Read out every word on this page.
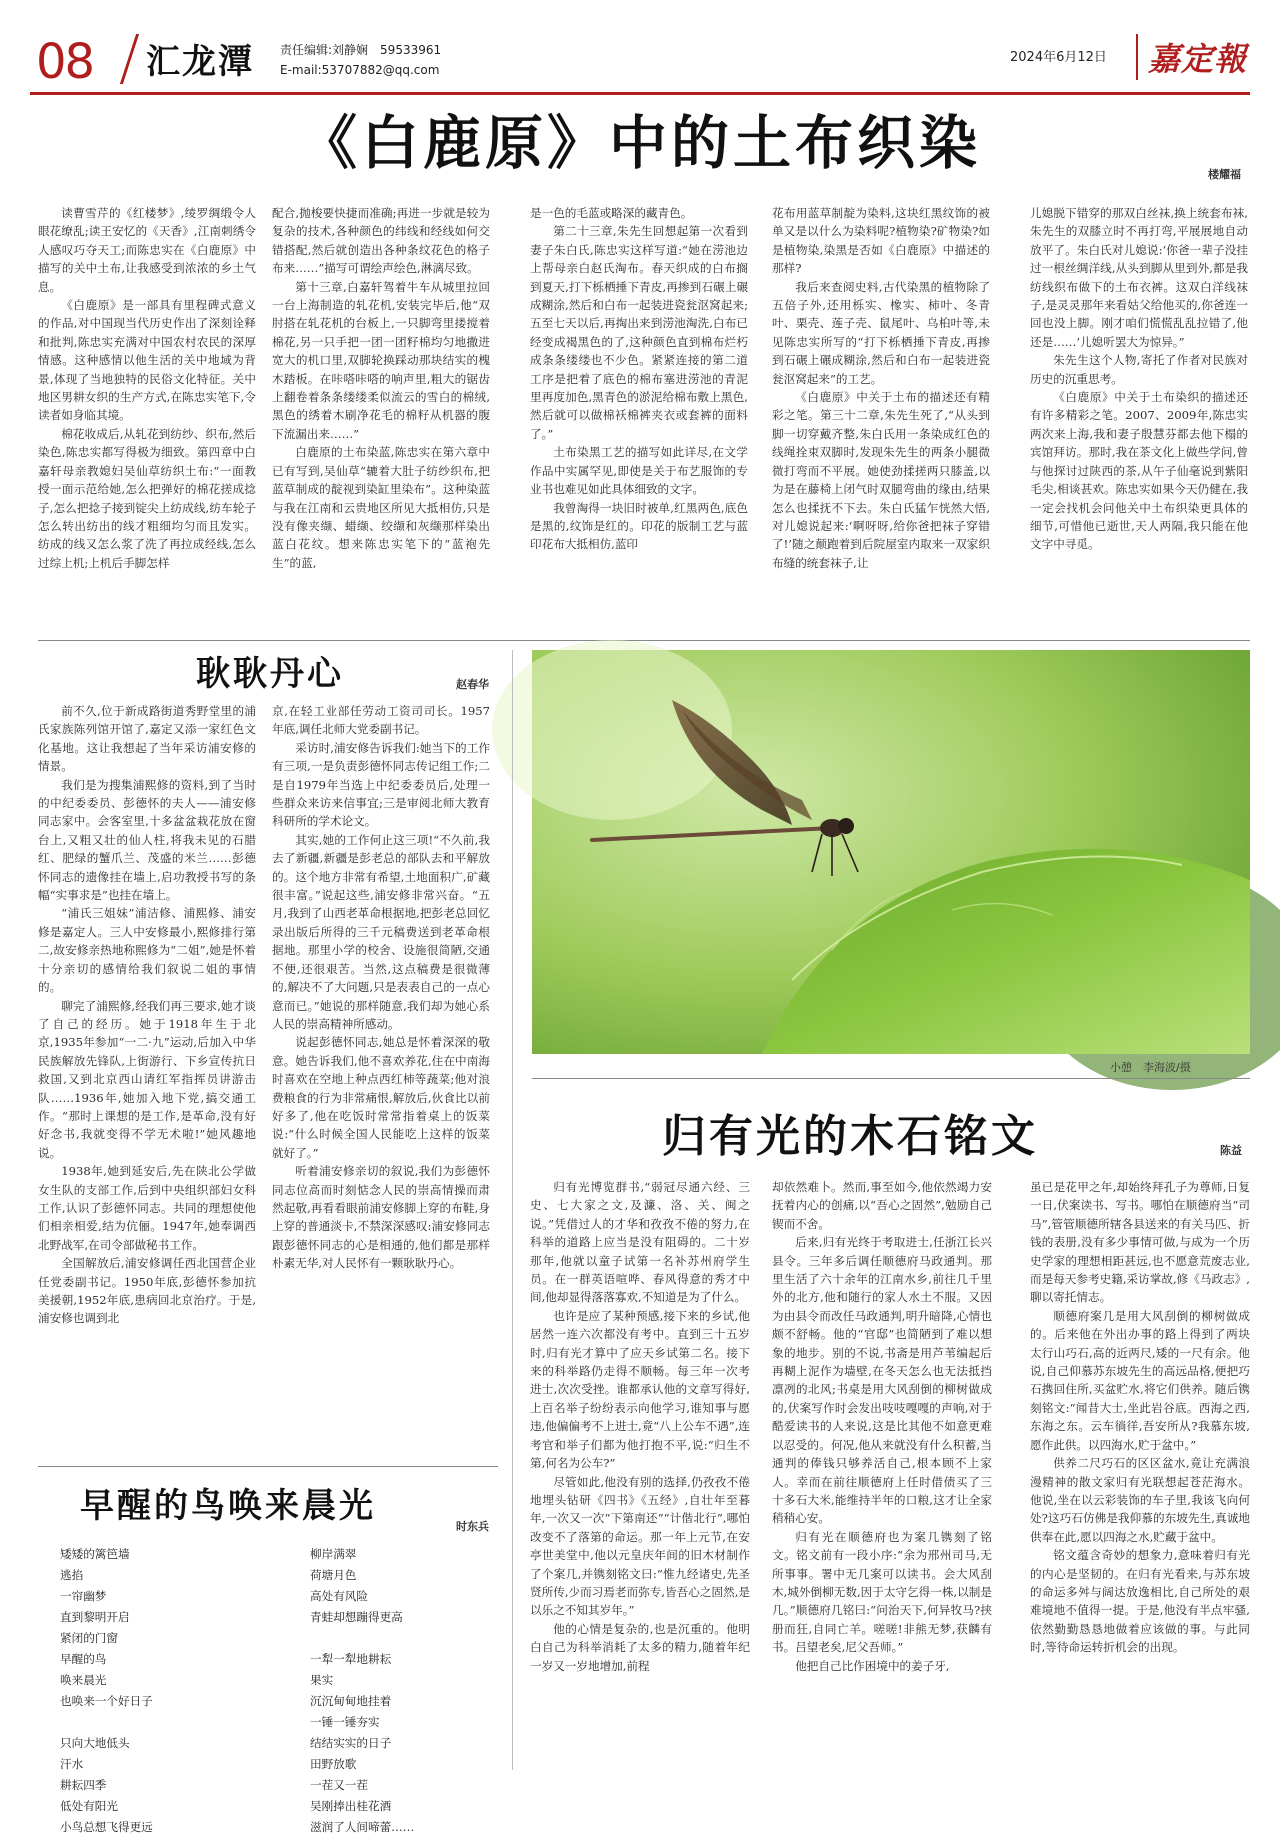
08 汇龙潭 责任编辑:刘静娴　59533961
E-mail:53707882@qq.com
2024年6月12日 嘉定報
《白鹿原》中的土布织染	楼耀福

读曹雪芹的《红楼梦》,绫罗绸缎令人眼花缭乱;读王安忆的《天香》,江南刺绣令人感叹巧夺天工;而陈忠实在《白鹿原》中描写的关中土布,让我感受到浓浓的乡土气息。

《白鹿原》是一部具有里程碑式意义的作品,对中国现当代历史作出了深刻诠释和批判,陈忠实充满对中国农村农民的深厚情感。这种感情以他生活的关中地域为背景,体现了当地独特的民俗文化特征。关中地区男耕女织的生产方式,在陈忠实笔下,令读者如身临其境。

棉花收成后,从轧花到纺纱、织布,然后染色,陈忠实都写得极为细致。第四章中白嘉轩母亲教媳妇吴仙草纺织土布:“一面教授一面示范给她,怎么把弹好的棉花搓成捻子,怎么把捻子接到锭尖上纺成线,纺车轮子怎么转出纺出的线才粗细均匀而且发实。纺成的线又怎么浆了洗了再拉成经线,怎么过综上机;上机后手脚怎样

配合,抛梭要快捷而准确;再进一步就是较为复杂的技术,各种颜色的纬线和经线如何交错搭配,然后就创造出各种条纹花色的格子布来……”描写可谓绘声绘色,淋漓尽致。

第十三章,白嘉轩驾着牛车从城里拉回一台上海制造的轧花机,安装完毕后,他“双肘搭在轧花机的台板上,一只脚弯里搂搅着棉花,另一只手把一团一团籽棉均匀地撒进宽大的机口里,双脚轮换踩动那块结实的槐木踏板。在咔嗒咔嗒的响声里,粗大的锯齿上翻卷着条条缕缕柔似流云的雪白的棉绒,黑色的绣着木刷净花毛的棉籽从机器的腹下流漏出来……”

白鹿原的土布染蓝,陈忠实在第六章中已有写到,吴仙草“辘着大肚子纺纱织布,把蓝草制成的靛视到染缸里染布”。这种染蓝与我在江南和云贵地区所见大抵相仿,只是没有像夹缬、蜡缬、绞缬和灰缬那样染出蓝白花纹。想来陈忠实笔下的“蓝袍先生”的蓝,

是一色的毛蓝或略深的藏青色。

第二十三章,朱先生回想起第一次看到妻子朱白氏,陈忠实这样写道:“她在涝池边上帮母亲白赵氏淘布。春天织成的白布搁到夏天,打下栎栖捶下青皮,再掺到石碾上碾成糊涂,然后和白布一起装进瓷瓮沤窝起来;五至七天以后,再掏出来到涝池淘洗,白布已经变成褐黑色的了,这种颜色直到棉布烂朽成条条缕缕也不少色。紧紧连接的第二道工序是把着了底色的棉布塞进涝池的青泥里再度加色,黑青色的淤泥给棉布敷上黑色,然后就可以做棉袄棉裤夹衣或套裤的面料了。”

土布染黑工艺的描写如此详尽,在文学作品中实属罕见,即使是关于布艺服饰的专业书也难见如此具体细致的文字。

我曾淘得一块旧时被单,红黑两色,底色是黑的,纹饰是红的。印花的版制工艺与蓝印花布大抵相仿,蓝印

花布用蓝草制靛为染料,这块红黑纹饰的被单又是以什么为染料呢?植物染?矿物染?如是植物染,染黑是否如《白鹿原》中描述的那样?

我后来查阅史料,古代染黑的植物除了五倍子外,还用栎实、橡实、柿叶、冬青叶、栗壳、莲子壳、鼠尾叶、乌桕叶等,未见陈忠实所写的“打下栎栖捶下青皮,再掺到石碾上碾成糊涂,然后和白布一起装进瓷瓮沤窝起来”的工艺。

《白鹿原》中关于土布的描述还有精彩之笔。第三十二章,朱先生死了,“从头到脚一切穿戴齐整,朱白氏用一条染成红色的线绳拴束双脚时,发现朱先生的两条小腿微微打弯而不平展。她使劲揉搓两只膝盖,以为是在藤椅上闭气时双腿弯曲的缘由,结果怎么也揉抚不下去。朱白氏猛乍恍然大悟,对儿媳说起来:‘啊呀呀,给你爸把袜子穿错了!’随之颠跑着到后院屋室内取来一双家织布缝的统套袜子,让

儿媳脱下错穿的那双白丝袜,换上统套布袜,朱先生的双膝立时不再打弯,平展展地自动放平了。朱白氏对儿媳说:‘你爸一辈子没挂过一根丝绸洋线,从头到脚从里到外,都是我纺线织布做下的土布衣裤。这双白洋线袜子,是灵灵那年来看姑父给他买的,你爸连一回也没上脚。刚才咱们慌慌乱乱拉错了,他还是……’儿媳听罢大为惊异。”

朱先生这个人物,寄托了作者对民族对历史的沉重思考。

《白鹿原》中关于土布染织的描述还有许多精彩之笔。2007、2009年,陈忠实两次来上海,我和妻子殷慧芬都去他下榻的宾馆拜访。那时,我在茶文化上做些学问,曾与他探讨过陕西的茶,从午子仙毫说到紫阳毛尖,相谈甚欢。陈忠实如果今天仍健在,我一定会找机会问他关中土布织染更具体的细节,可惜他已逝世,天人两隔,我只能在他文字中寻觅。

耿耿丹心	赵春华

前不久,位于新成路街道秀野堂里的浦氏家族陈列馆开馆了,嘉定又添一家红色文化基地。这让我想起了当年采访浦安修的情景。

我们是为搜集浦熙修的资料,到了当时的中纪委委员、彭德怀的夫人——浦安修同志家中。会客室里,十多盆盆栽花放在窗台上,又粗又壮的仙人柱,将我未见的石腊红、肥绿的蟹爪兰、茂盛的米兰……彭德怀同志的遗像挂在墙上,启功教授书写的条幅“实事求是”也挂在墙上。

“浦氏三姐妹”浦洁修、浦熙修、浦安修是嘉定人。三人中安修最小,熙修排行第二,故安修亲热地称熙修为“二姐”,她是怀着十分亲切的感情给我们叙说二姐的事情的。

聊完了浦熙修,经我们再三要求,她才谈了自己的经历。她于1918年生于北京,1935年参加“一二·九”运动,后加入中华民族解放先锋队,上街游行、下乡宣传抗日救国,又到北京西山请红军指挥员讲游击队……1936年,她加入地下党,搞交通工作。“那时上课想的是工作,是革命,没有好好念书,我就变得不学无术啦!”她风趣地说。

1938年,她到延安后,先在陕北公学做女生队的支部工作,后到中央组织部妇女科工作,认识了彭德怀同志。共同的理想使他们相亲相爱,结为伉俪。1947年,她奉调西北野战军,在司令部做秘书工作。

全国解放后,浦安修调任西北国营企业任党委副书记。1950年底,彭德怀参加抗美援朝,1952年底,患病回北京治疗。于是,浦安修也调到北

京,在轻工业部任劳动工资司司长。1957年底,调任北师大党委副书记。

采访时,浦安修告诉我们:她当下的工作有三项,一是负责彭德怀同志传记组工作;二是自1979年当选上中纪委委员后,处理一些群众来访来信事宜;三是审阅北师大教育科研所的学术论文。

其实,她的工作何止这三项!“不久前,我去了新疆,新疆是彭老总的部队去和平解放的。这个地方非常有希望,土地面积广,矿藏很丰富。”说起这些,浦安修非常兴奋。“五月,我到了山西老革命根据地,把彭老总回忆录出版后所得的三千元稿费送到老革命根据地。那里小学的校舍、设施很简陋,交通不便,还很艰苦。当然,这点稿费是很微薄的,解决不了大问题,只是表表自己的一点心意而已。”她说的那样随意,我们却为她心系人民的崇高精神所感动。

说起彭德怀同志,她总是怀着深深的敬意。她告诉我们,他不喜欢养花,住在中南海时喜欢在空地上种点西红柿等蔬菜;他对浪费粮食的行为非常痛恨,解放后,伙食比以前好多了,他在吃饭时常常指着桌上的饭菜说:“什么时候全国人民能吃上这样的饭菜就好了。”

听着浦安修亲切的叙说,我们为彭德怀同志位高而时刻惦念人民的崇高情操而肃然起敬,再看看眼前浦安修脚上穿的布鞋,身上穿的普通淡卡,不禁深深感叹:浦安修同志跟彭德怀同志的心是相通的,他们都是那样朴素无华,对人民怀有一颗耿耿丹心。

小憩　李海波/摄
归有光的木石铭文	陈益

归有光博览群书,“弱冠尽通六经、三史、七大家之文,及濂、洛、关、闽之说。”凭借过人的才华和孜孜不倦的努力,在科举的道路上应当是没有阻碍的。二十岁那年,他就以童子试第一名补苏州府学生员。在一群英语喧哗、春风得意的秀才中间,他却显得落落寡欢,不知道是为了什么。

也许是应了某种预感,接下来的乡试,他居然一连六次都没有考中。直到三十五岁时,归有光才算中了应天乡试第二名。接下来的科举路仍走得不顺畅。每三年一次考进士,次次受挫。谁都承认他的文章写得好,上百名举子纷纷表示向他学习,谁知事与愿违,他偏偏考不上进士,竟“八上公车不遇”,连考官和举子们都为他打抱不平,说:“归生不第,何名为公车?”

尽管如此,他没有别的选择,仍孜孜不倦地埋头钻研《四书》《五经》,自壮年至暮年,一次又一次“下第南还”“计偕北行”,哪怕改变不了落第的命运。那一年上元节,在安亭世美堂中,他以元皇庆年间的旧木材制作了个案几,并镌刻铭文曰:“惟九经诸史,先圣贤所传,少而习焉老而弥专,皆吾心之固然,是以乐之不知其岁年。”

他的心情是复杂的,也是沉重的。他明白自己为科举消耗了太多的精力,随着年纪一岁又一岁地增加,前程

却依然难卜。然而,事至如今,他依然竭力安抚着内心的创痛,以“吾心之固然”,勉励自己锲而不舍。

后来,归有光终于考取进士,任浙江长兴县令。三年多后调任顺德府马政通判。那里生活了六十余年的江南水乡,前往几千里外的北方,他和随行的家人水土不服。又因为由县令而改任马政通判,明升暗降,心情也颇不舒畅。他的“官邸”也简陋到了难以想象的地步。别的不说,书斋是用芦苇编起后再糊上泥作为墙壁,在冬天怎么也无法抵挡凛冽的北风;书桌是用大风刮倒的柳树做成的,伏案写作时会发出吱吱嘎嘎的声响,对于酷爱读书的人来说,这是比其他不如意更难以忍受的。何况,他从来就没有什么积蓄,当通判的俸钱只够养活自己,根本顾不上家人。幸而在前往顺德府上任时借债买了三十多石大米,能维持半年的口粮,这才让全家稍稍心安。

归有光在顺德府也为案几镌刻了铭文。铭文前有一段小序:“余为邢州司马,无所事事。署中无几案可以读书。会大风刮木,城外倒柳无数,因于太守乞得一株,以制是几。”顺德府几铭曰:“问治天下,何异牧马?挟册而狂,自同亡羊。嗟嗟!非熊无梦,获麟有书。吕望老矣,尼父吾师。”

他把自己比作困境中的姜子牙,

虽已是花甲之年,却始终拜孔子为尊师,日复一日,伏案读书、写书。哪怕在顺德府当“司马”,管管顺德所辖各县送来的有关马匹、折钱的表册,没有多少事情可做,与成为一个历史学家的理想相距甚远,也不愿意荒废志业,而是每天参考史籍,采访掌故,修《马政志》,聊以寄托情志。

顺德府案几是用大风刮倒的柳树做成的。后来他在外出办事的路上得到了两块太行山巧石,高的近两尺,矮的一尺有余。他说,自己仰慕苏东坡先生的高远品格,便把巧石携回住所,买盆贮水,将它们供养。随后镌刻铭文:“闻昔大士,坐此岩谷底。西海之西,东海之东。云车徜徉,吾安所从?我慕东坡,愿作此供。以四海水,贮于盆中。”

供养二尺巧石的区区盆水,竟让充满浪漫精神的散文家归有光联想起苍茫海水。他说,坐在以云彩装饰的车子里,我该飞向何处?这巧石仿佛是我仰慕的东坡先生,真诚地供奉在此,愿以四海之水,贮藏于盆中。

铭文蕴含奇妙的想象力,意味着归有光的内心是坚韧的。在归有光看来,与苏东坡的命运多舛与阔达放逸相比,自己所处的艰难境地不值得一提。于是,他没有半点牢骚,依然勤勤恳恳地做着应该做的事。与此同时,等待命运转折机会的出现。

早醒的鸟唤来晨光
时东兵
矮矮的篱笆墙
逃掐
一帘幽梦
直到黎明开启
紧闭的门窗
早醒的鸟
唤来晨光
也唤来一个好日子
只向大地低头
汗水
耕耘四季
低处有阳光
小鸟总想飞得更远
柳岸满翠
荷塘月色
高处有风险
青蛙却想蹦得更高
一犁一犁地耕耘
果实
沉沉甸甸地挂着
一锤一锤夯实
结结实实的日子
田野放歌
一茬又一茬
吴刚捧出桂花酒
滋润了人间啼蕾……
